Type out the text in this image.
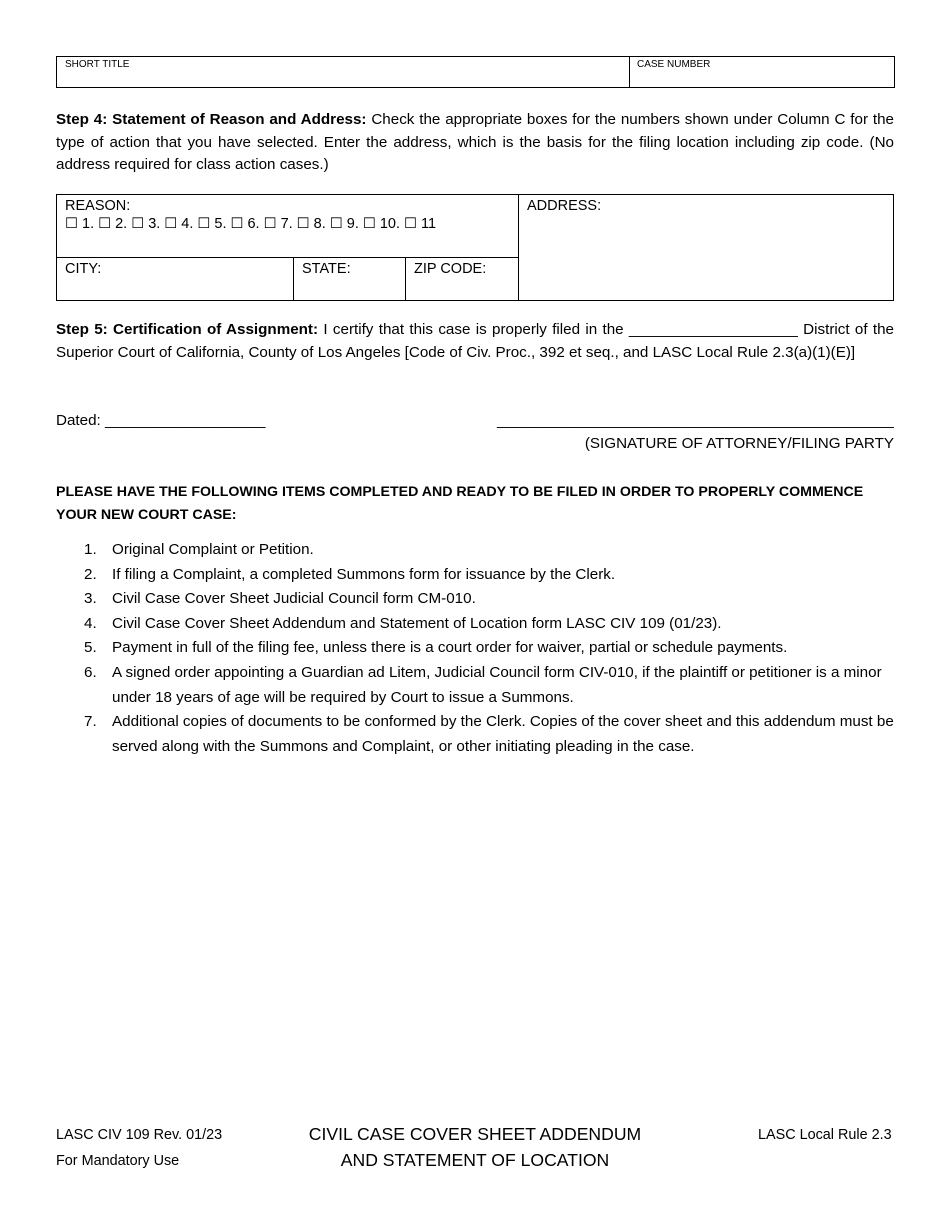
SHORT TITLE	CASE NUMBER
Step 4: Statement of Reason and Address: Check the appropriate boxes for the numbers shown under Column C for the type of action that you have selected. Enter the address, which is the basis for the filing location including zip code. (No address required for class action cases.)
REASON:
☐ 1. ☐ 2. ☐ 3. ☐ 4. ☐ 5. ☐ 6. ☐ 7. ☐ 8. ☐ 9. ☐ 10. ☐ 11
ADDRESS:
CITY:	STATE:	ZIP CODE:
Step 5: Certification of Assignment: I certify that this case is properly filed in the ____________________ District of the Superior Court of California, County of Los Angeles [Code of Civ. Proc., 392 et seq., and LASC Local Rule 2.3(a)(1)(E)]
Dated: ___________________	_______________________________________________
(SIGNATURE OF ATTORNEY/FILING PARTY
PLEASE HAVE THE FOLLOWING ITEMS COMPLETED AND READY TO BE FILED IN ORDER TO PROPERLY COMMENCE YOUR NEW COURT CASE:
1. Original Complaint or Petition.
2. If filing a Complaint, a completed Summons form for issuance by the Clerk.
3. Civil Case Cover Sheet Judicial Council form CM-010.
4. Civil Case Cover Sheet Addendum and Statement of Location form LASC CIV 109 (01/23).
5. Payment in full of the filing fee, unless there is a court order for waiver, partial or schedule payments.
6. A signed order appointing a Guardian ad Litem, Judicial Council form CIV-010, if the plaintiff or petitioner is a minor under 18 years of age will be required by Court to issue a Summons.
7. Additional copies of documents to be conformed by the Clerk. Copies of the cover sheet and this addendum must be served along with the Summons and Complaint, or other initiating pleading in the case.
LASC CIV 109 Rev. 01/23
For Mandatory Use
CIVIL CASE COVER SHEET ADDENDUM
AND STATEMENT OF LOCATION
LASC Local Rule 2.3
